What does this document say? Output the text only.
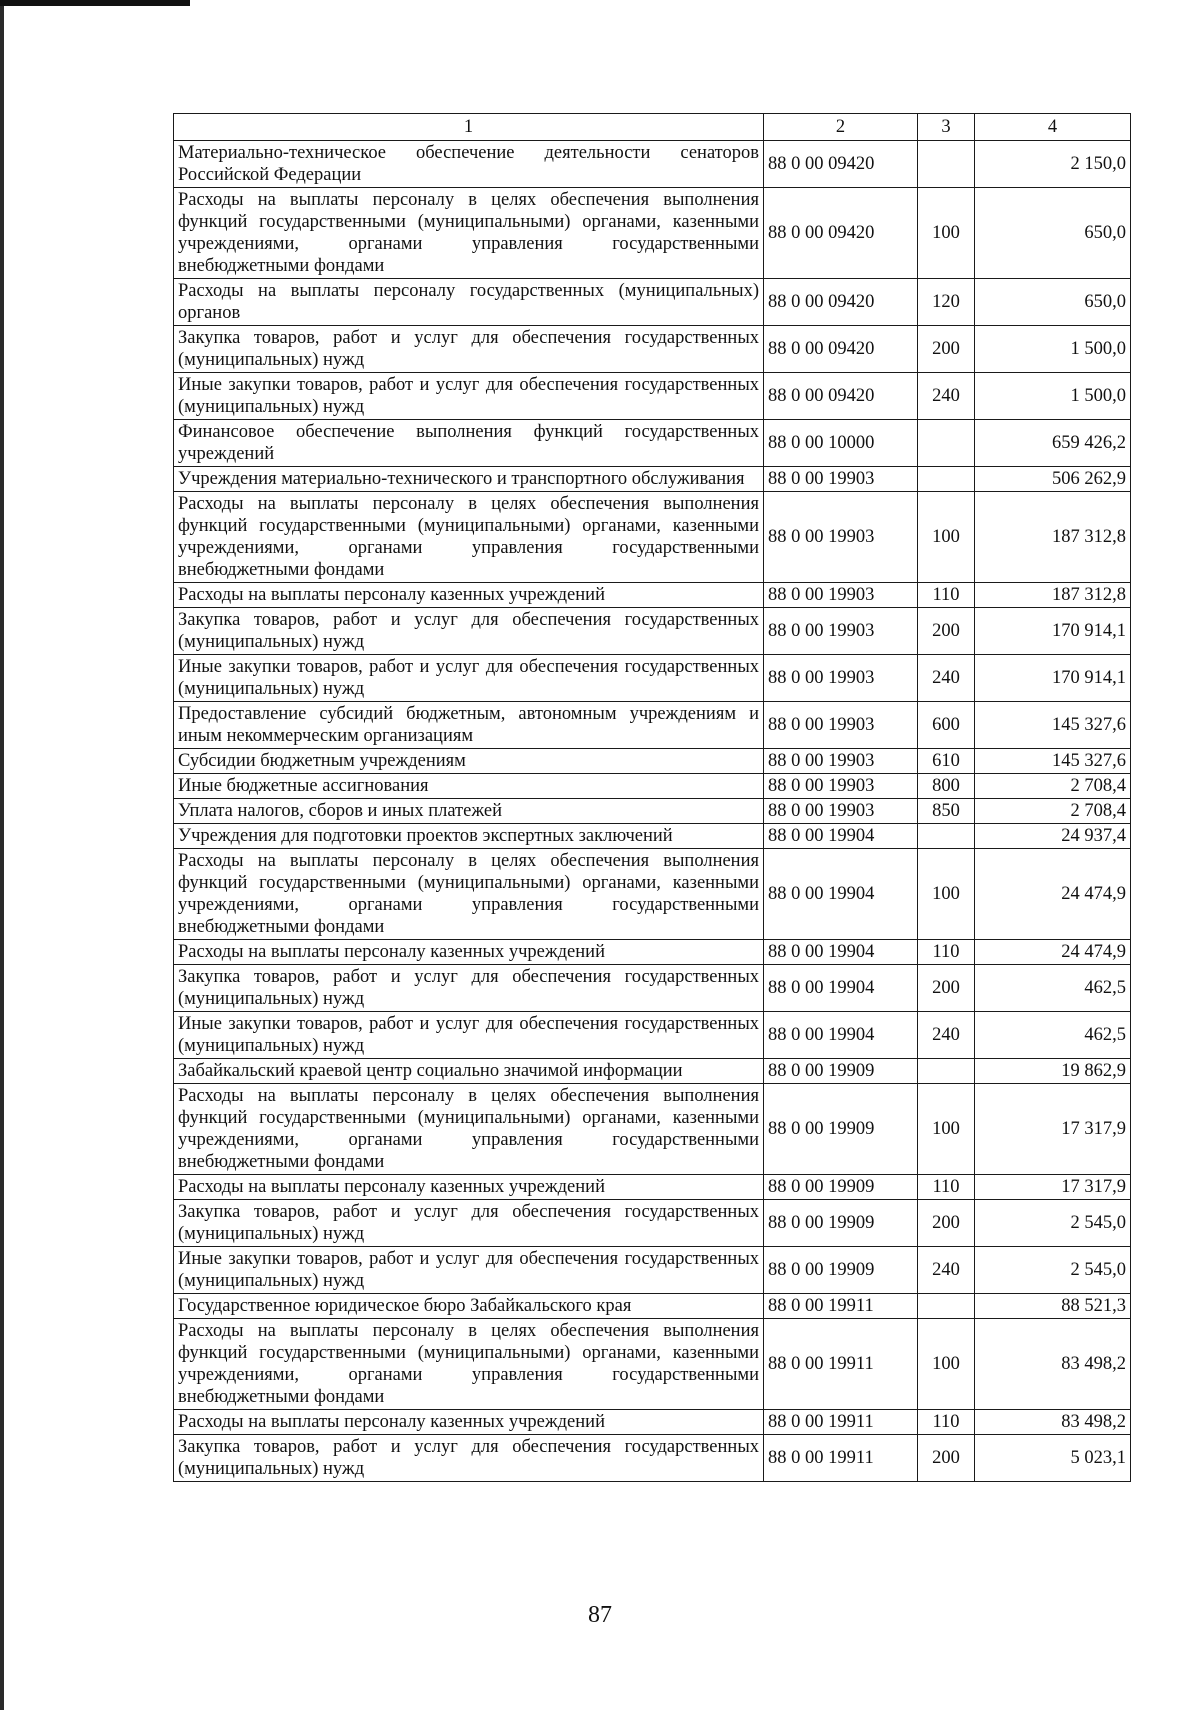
1	2	3	4
Материально-техническое обеспечение деятельности сенаторов Российской Федерации	88 0 00 09420		2 150,0
Расходы на выплаты персоналу в целях обеспечения выполнения функций государственными (муниципальными) органами, казенными учреждениями, органами управления государственными внебюджетными фондами	88 0 00 09420	100	650,0
Расходы на выплаты персоналу государственных (муниципальных) органов	88 0 00 09420	120	650,0
Закупка товаров, работ и услуг для обеспечения государственных (муниципальных) нужд	88 0 00 09420	200	1 500,0
Иные закупки товаров, работ и услуг для обеспечения государственных (муниципальных) нужд	88 0 00 09420	240	1 500,0
Финансовое обеспечение выполнения функций государственных учреждений	88 0 00 10000		659 426,2
Учреждения материально-технического и транспортного обслуживания	88 0 00 19903		506 262,9
Расходы на выплаты персоналу в целях обеспечения выполнения функций государственными (муниципальными) органами, казенными учреждениями, органами управления государственными внебюджетными фондами	88 0 00 19903	100	187 312,8
Расходы на выплаты персоналу казенных учреждений	88 0 00 19903	110	187 312,8
Закупка товаров, работ и услуг для обеспечения государственных (муниципальных) нужд	88 0 00 19903	200	170 914,1
Иные закупки товаров, работ и услуг для обеспечения государственных (муниципальных) нужд	88 0 00 19903	240	170 914,1
Предоставление субсидий бюджетным, автономным учреждениям и иным некоммерческим организациям	88 0 00 19903	600	145 327,6
Субсидии бюджетным учреждениям	88 0 00 19903	610	145 327,6
Иные бюджетные ассигнования	88 0 00 19903	800	2 708,4
Уплата налогов, сборов и иных платежей	88 0 00 19903	850	2 708,4
Учреждения для подготовки проектов экспертных заключений	88 0 00 19904		24 937,4
Расходы на выплаты персоналу в целях обеспечения выполнения функций государственными (муниципальными) органами, казенными учреждениями, органами управления государственными внебюджетными фондами	88 0 00 19904	100	24 474,9
Расходы на выплаты персоналу казенных учреждений	88 0 00 19904	110	24 474,9
Закупка товаров, работ и услуг для обеспечения государственных (муниципальных) нужд	88 0 00 19904	200	462,5
Иные закупки товаров, работ и услуг для обеспечения государственных (муниципальных) нужд	88 0 00 19904	240	462,5
Забайкальский краевой центр социально значимой информации	88 0 00 19909		19 862,9
Расходы на выплаты персоналу в целях обеспечения выполнения функций государственными (муниципальными) органами, казенными учреждениями, органами управления государственными внебюджетными фондами	88 0 00 19909	100	17 317,9
Расходы на выплаты персоналу казенных учреждений	88 0 00 19909	110	17 317,9
Закупка товаров, работ и услуг для обеспечения государственных (муниципальных) нужд	88 0 00 19909	200	2 545,0
Иные закупки товаров, работ и услуг для обеспечения государственных (муниципальных) нужд	88 0 00 19909	240	2 545,0
Государственное юридическое бюро Забайкальского края	88 0 00 19911		88 521,3
Расходы на выплаты персоналу в целях обеспечения выполнения функций государственными (муниципальными) органами, казенными учреждениями, органами управления государственными внебюджетными фондами	88 0 00 19911	100	83 498,2
Расходы на выплаты персоналу казенных учреждений	88 0 00 19911	110	83 498,2
Закупка товаров, работ и услуг для обеспечения государственных (муниципальных) нужд	88 0 00 19911	200	5 023,1
87
